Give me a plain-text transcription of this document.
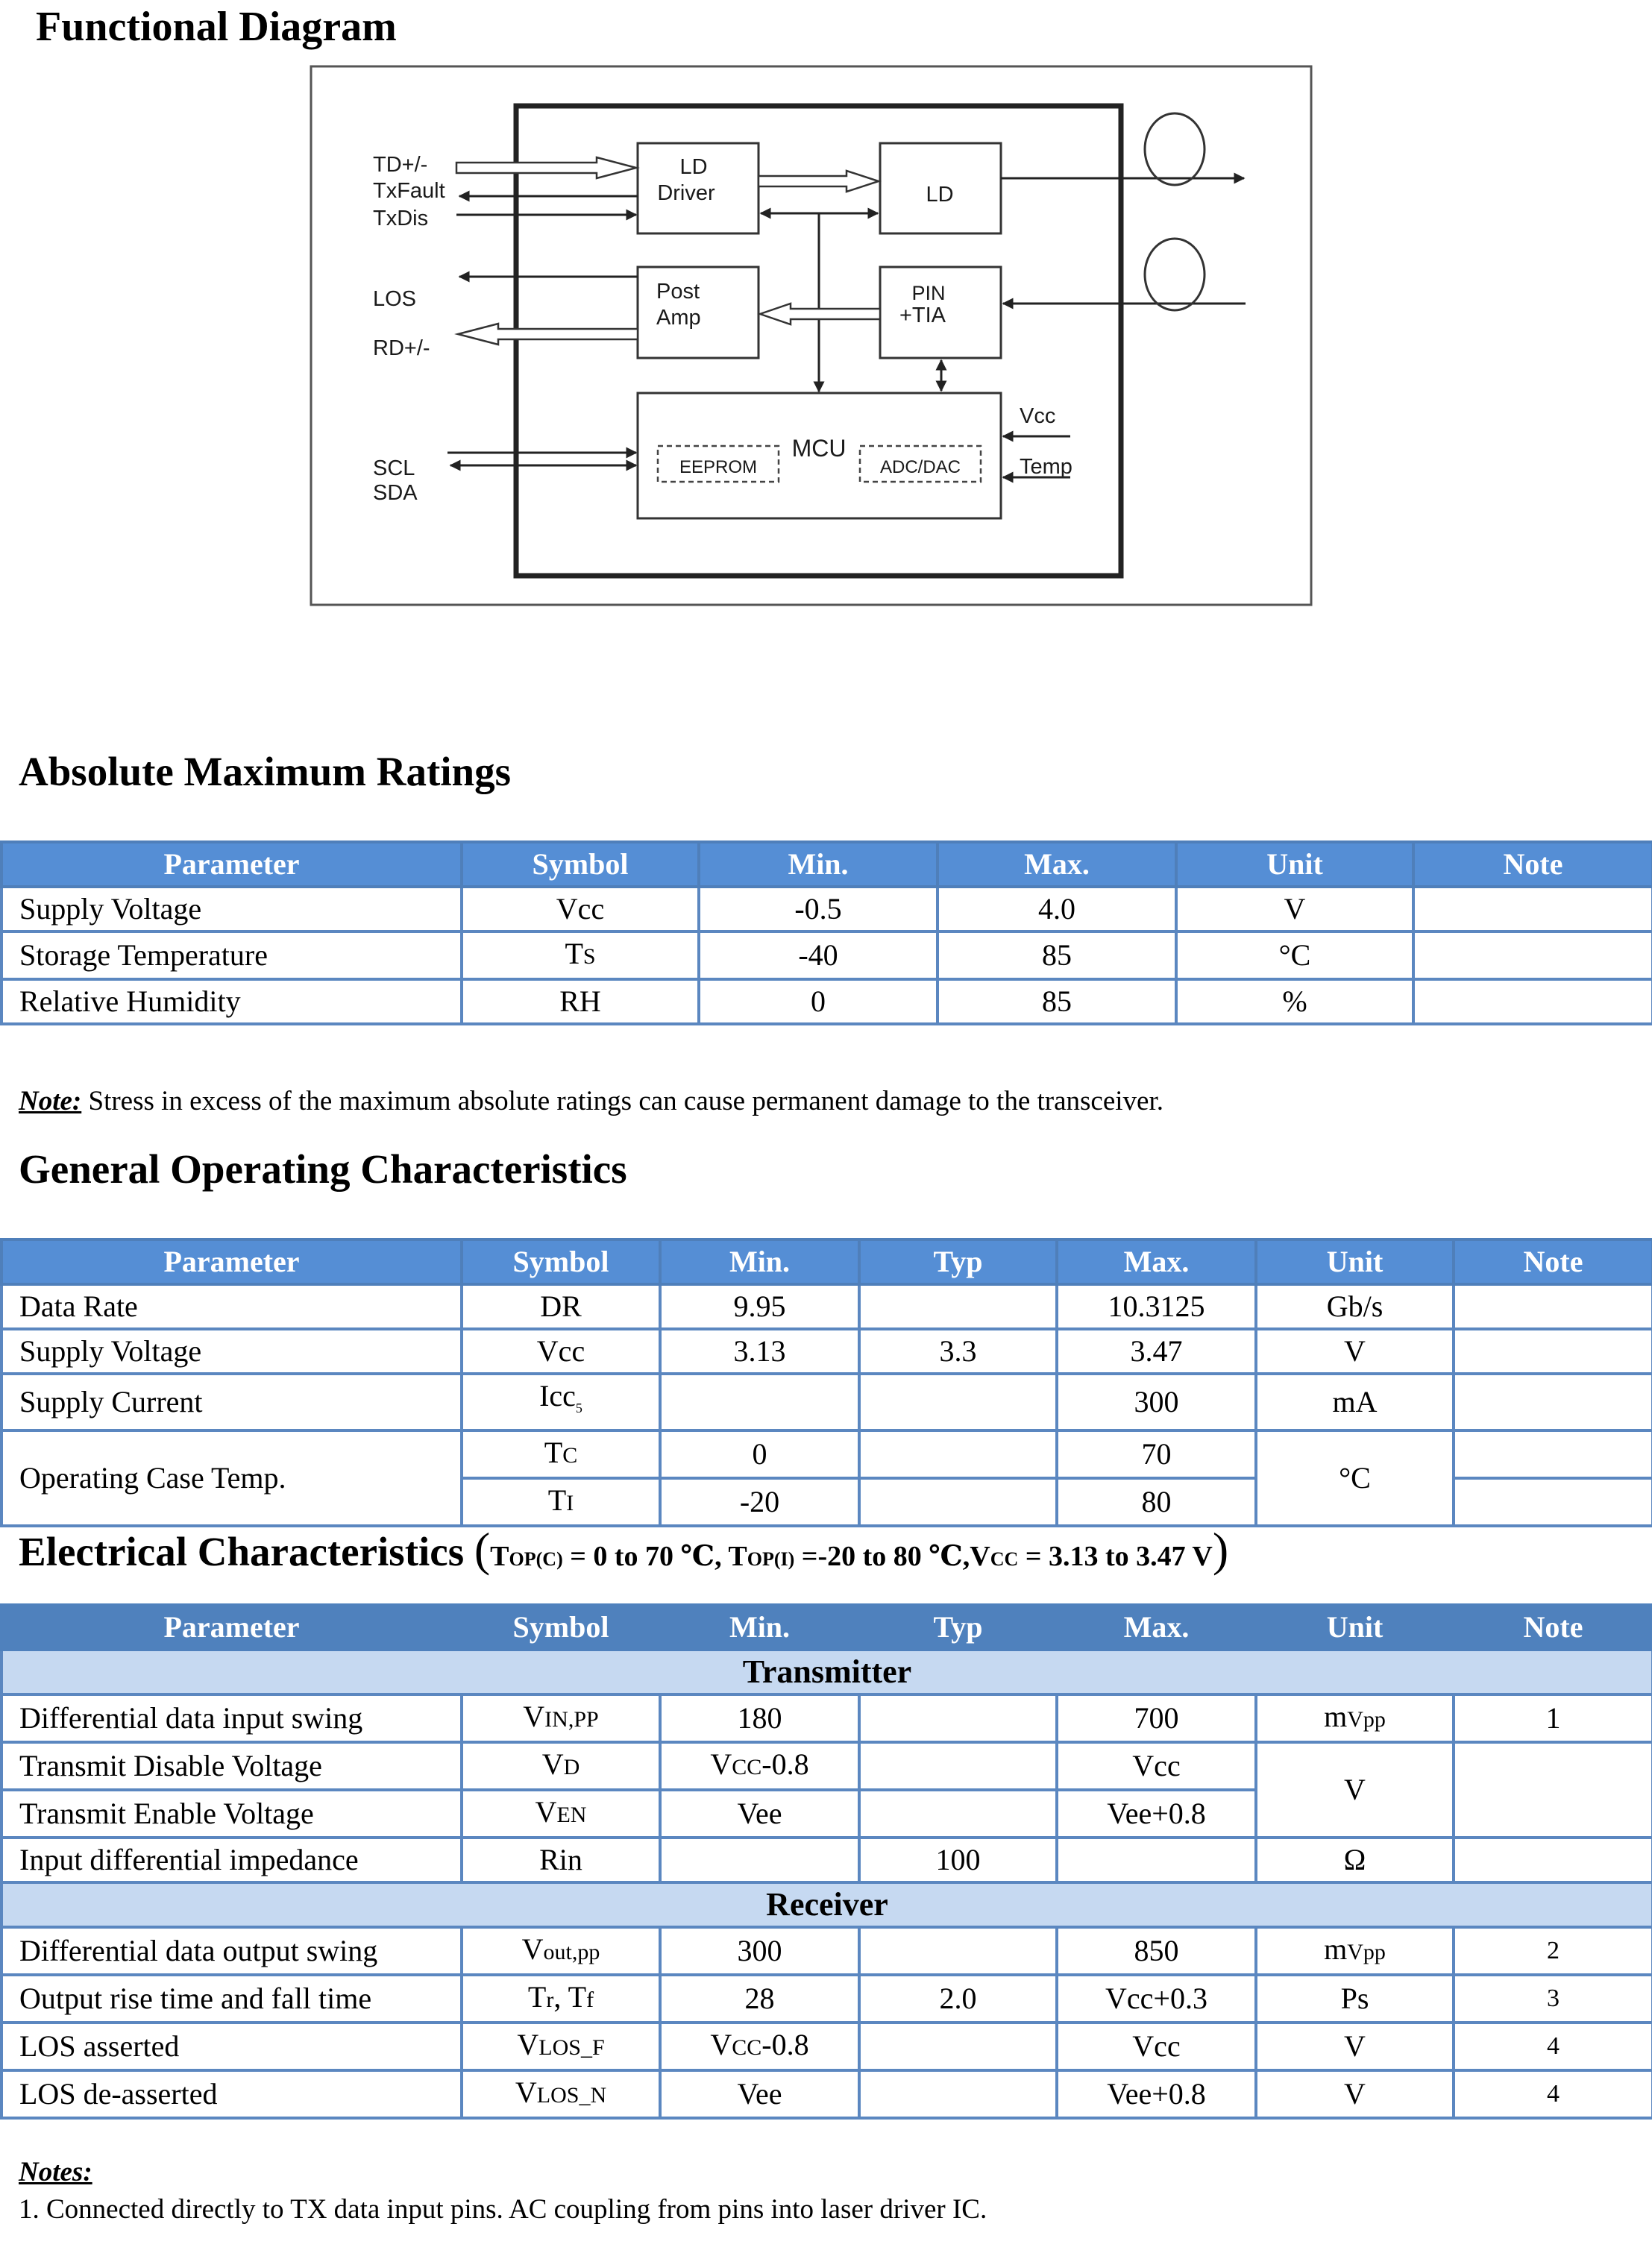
Functional Diagram
LD
Driver	LD
Post
Amp
PIN
+TIA
MCU
EEPROM	ADC/DAC
TD+/-
TxFault
TxDis
LOS
RD+/-
SCL
SDA
Vcc
Temp
Absolute Maximum Ratings
Parameter	Symbol	Min.	Max.	Unit	Note
Supply Voltage	Vcc	-0.5	4.0	V	
Storage Temperature	TS	-40	85	°C	
Relative Humidity	RH	0	85	%	
Note: Stress in excess of the maximum absolute ratings can cause permanent damage to the transceiver.
General Operating Characteristics
Parameter	Symbol	Min.	Typ	Max.	Unit	Note
Data Rate	DR	9.95		10.3125	Gb/s	
Supply Voltage	Vcc	3.13	3.3	3.47	V	
Supply Current	Icc$_5$			300	mA	
Operating Case Temp.	TC	0		70	°C	
	TI	-20		80		
Electrical Characteristics (TOP(C) = 0 to 70 ℃, TOP(I) =-20 to 80 ℃,VCC = 3.13 to 3.47 V)
Parameter	Symbol	Min.	Typ	Max.	Unit	Note
Transmitter						
Differential data input swing	VIN,PP	180		700	mVpp	1
Transmit Disable Voltage	VD	VCC-0.8		Vcc	V	
Transmit Enable Voltage	VEN	Vee		Vee+0.8		
Input differential impedance	Rin		100		Ω	
Receiver						
Differential data output swing	Vout,pp	300		850	mVpp	2
Output rise time and fall time	Tr, Tf	28	2.0	Vcc+0.3	Ps	3
LOS asserted	VLOS_F	VCC-0.8		Vcc	V	4
LOS de-asserted	VLOS_N	Vee		Vee+0.8	V	4
Notes:
1. Connected directly to TX data input pins. AC coupling from pins into laser driver IC.
